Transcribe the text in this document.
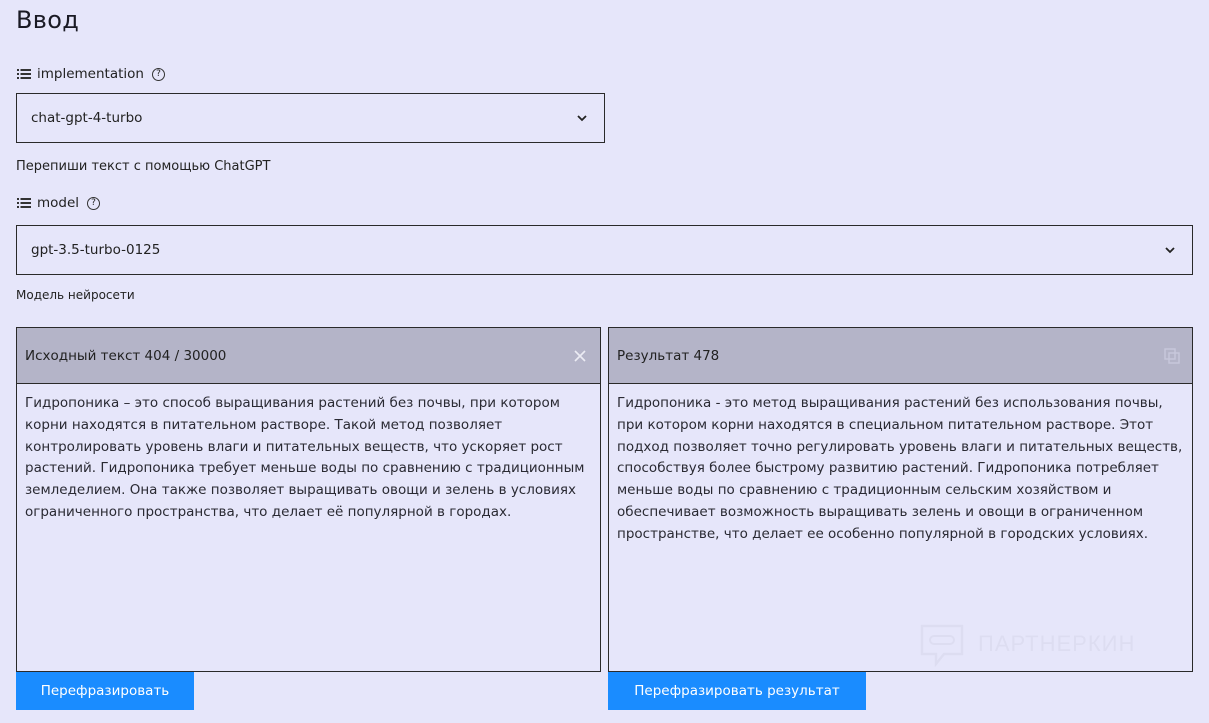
Ввод
implementation	?
chat-gpt-4-turbo
Перепиши текст с помощью ChatGPT
model	?
gpt-3.5-turbo-0125
Модель нейросети
Исходный текст 404 / 30000
Гидропоника – это способ выращивания растений без почвы, при котором корни находятся в питательном растворе. Такой метод позволяет контролировать уровень влаги и питательных веществ, что ускоряет рост растений. Гидропоника требует меньше воды по сравнению с традиционным земледелием. Она также позволяет выращивать овощи и зелень в условиях ограниченного пространства, что делает её популярной в городах.
Результат 478
Гидропоника - это метод выращивания растений без использования почвы, при котором корни находятся в специальном питательном растворе. Этот подход позволяет точно регулировать уровень влаги и питательных веществ, способствуя более быстрому развитию растений. Гидропоника потребляет меньше воды по сравнению с традиционным сельским хозяйством и обеспечивает возможность выращивать зелень и овощи в ограниченном пространстве, что делает ее особенно популярной в городских условиях.
ПАРТНЕРКИН
Перефразировать	Перефразировать результат
